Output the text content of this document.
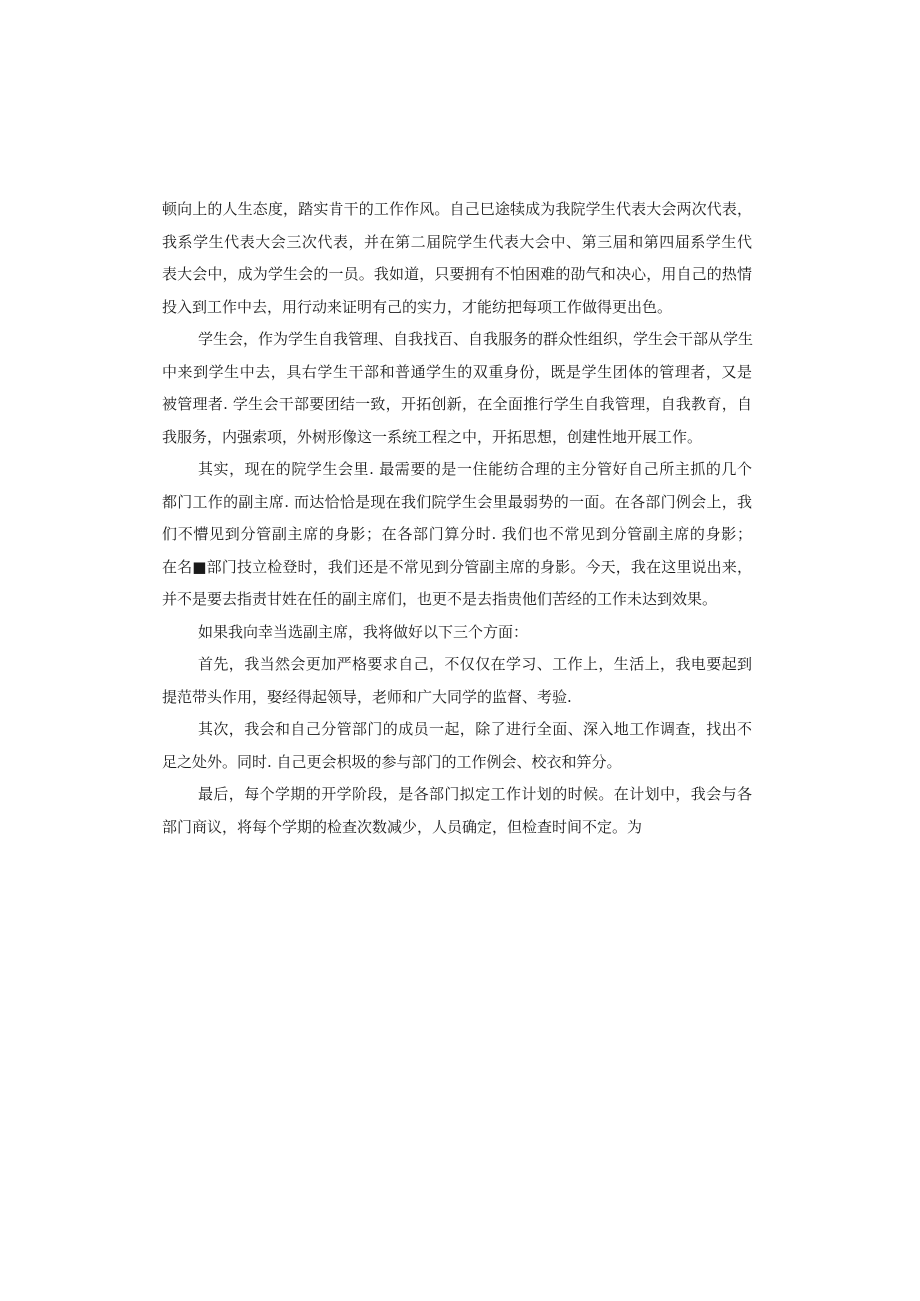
顿向上的人生态度，踏实肯干的工作作风。自己巳途犊成为我院学生代表大会两次代表，
我系学生代表大会三次代表，并在第二届院学生代表大会中、第三届和第四届系学生代
表大会中，成为学生会的一员。我如道，只要拥有不怕困难的劭气和决心，用自己的热情
投入到工作中去，用行动来证明有己的实力，才能纺把每项工作做得更出色。
学生会，作为学生自我管理、自我找百、自我服务的群众性组织，学生会干部从学生
中来到学生中去，具右学生干部和普通学生的双重身份，既是学生团体的管理者，又是
被管理者. 学生会干部要团结一致，开拓创新，在全面推行学生自我管理，自我教育，自
我服务，内强索项，外树形像这一系统工程之中，开拓思想，创建性地开展工作。
其实，现在的院学生会里. 最需要的是一住能纺合理的主分管好自己所主抓的几个
都门工作的副主席. 而达恰恰是现在我们院学生会里最弱势的一面。在各部门例会上，我
们不懵见到分管副主席的身影；在各部门算分时. 我们也不常见到分管副主席的身影；
在名■部门技立检登时，我们还是不常见到分管副主席的身影。今天，我在这里说出来，
并不是要去指责甘姓在任的副主席们，也更不是去指贵他们苦经的工作未达到效果。
如果我向幸当选副主席，我将做好以下三个方面：
首先，我当然会更加严格要求自己，不仅仅在学习、工作上，生活上，我电要起到
提范带头作用，娶经得起领导，老师和广大同学的监督、考验.
其次，我会和自己分管部门的成员一起，除了进行全面、深入地工作调查，找出不
足之处外。同时. 自己更会枳圾的参与部门的工作例会、校衣和笄分。
最后，每个学期的开学阶段，是各部门拟定工作计划的时候。在计划中，我会与各
部门商议，将每个学期的检查次数减少，人员确定，但检查时间不定。为
